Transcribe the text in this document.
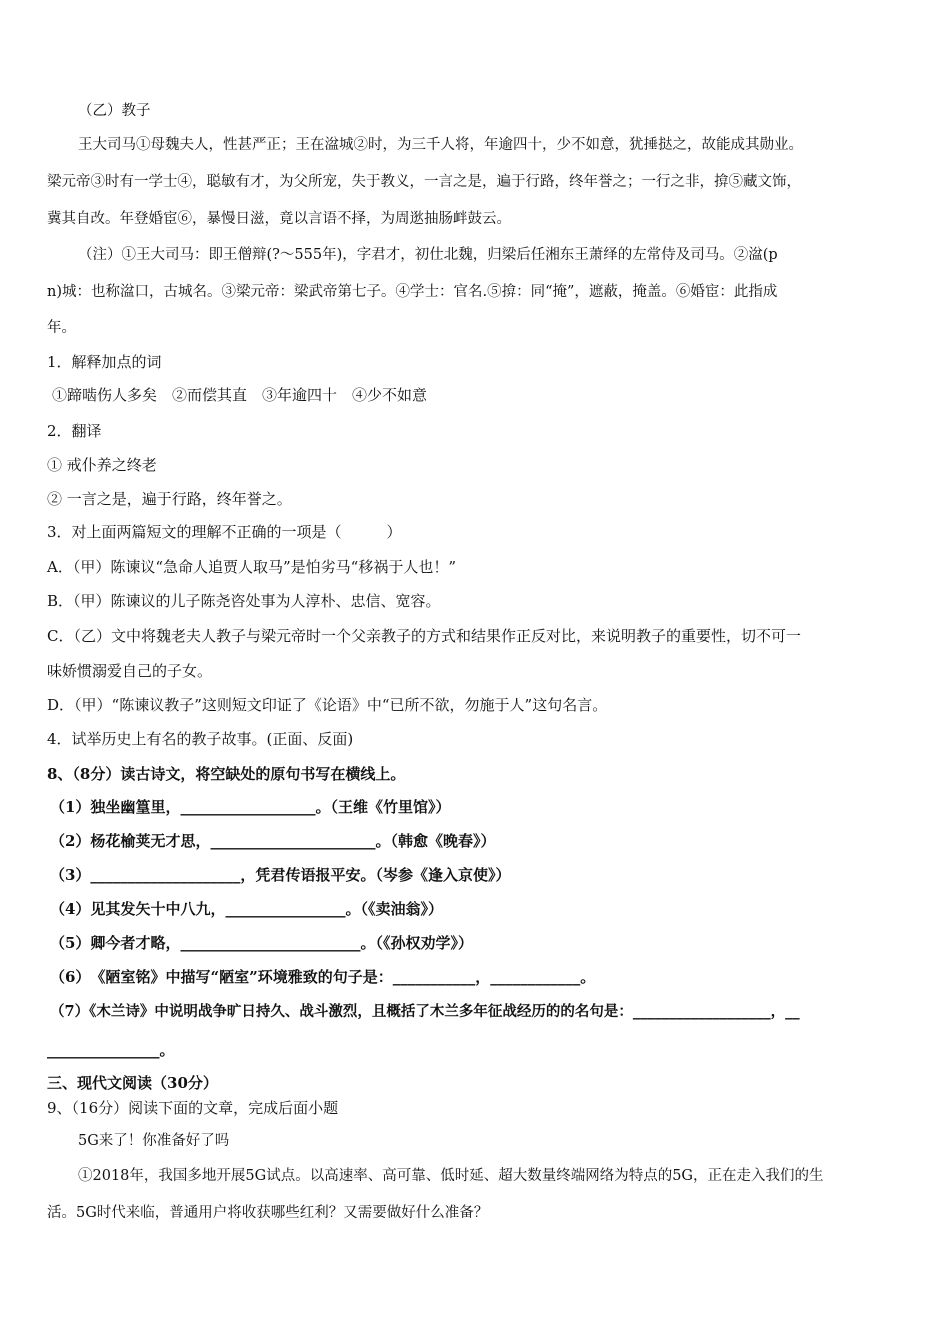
（乙）教子
王大司马①母魏夫人，性甚严正；王在湓城②时，为三千人将，年逾四十，少不如意，犹捶挞之，故能成其勋业。
梁元帝③时有一学士④，聪敏有才，为父所宠，失于教义，一言之是，遍于行路，终年誉之；一行之非，揜⑤藏文饰，
冀其自改。年登婚宦⑥，暴慢日滋，竟以言语不择，为周逖抽肠衅鼓云。
（注）①王大司马：即王僧辩(?～555年)，字君才，初仕北魏，归梁后任湘东王萧绎的左常侍及司马。②湓(p
n)城：也称湓口，古城名。③梁元帝：梁武帝第七子。④学士：官名.⑤揜：同“掩”，遮蔽，掩盖。⑥婚宦：此指成
年。
1．解释加点的词
①蹄啮伤人多矣　②而偿其直　③年逾四十　④少不如意
2．翻译
① 戒仆养之终老
② 一言之是，遍于行路，终年誉之。
3．对上面两篇短文的理解不正确的一项是（　　　）
A．（甲）陈谏议“急命人追贾人取马”是怕劣马“移祸于人也！”
B．（甲）陈谏议的儿子陈尧咨处事为人淳朴、忠信、宽容。
C．（乙）文中将魏老夫人教子与梁元帝时一个父亲教子的方式和结果作正反对比，来说明教子的重要性，切不可一
味娇惯溺爱自己的子女。
D．（甲）“陈谏议教子”这则短文印证了《论语》中“已所不欲，勿施于人”这句名言。
4．试举历史上有名的教子故事。(正面、反面)
8、（8分）读古诗文，将空缺处的原句书写在横线上。
（1）独坐幽篁里，__________________。（王维《竹里馆》）
（2）杨花榆荚无才思，______________________。（韩愈《晚春》）
（3）____________________，凭君传语报平安。（岑参《逢入京使》）
（4）见其发矢十中八九，________________。（《卖油翁》）
（5）卿今者才略，________________________。（《孙权劝学》）
（6）　《陋室铭》中描写“陋室”环境雅致的句子是：___________，____________。
（7）《木兰诗》中说明战争旷日持久、战斗激烈，且概括了木兰多年征战经历的的名句是：___________________，__
_______________。
三、现代文阅读（30分）
9、（16分）阅读下面的文章，完成后面小题
5G来了！你准备好了吗
①2018年，我国多地开展5G试点。以高速率、高可靠、低时延、超大数量终端网络为特点的5G，正在走入我们的生
活。5G时代来临，普通用户将收获哪些红利？又需要做好什么准备？
